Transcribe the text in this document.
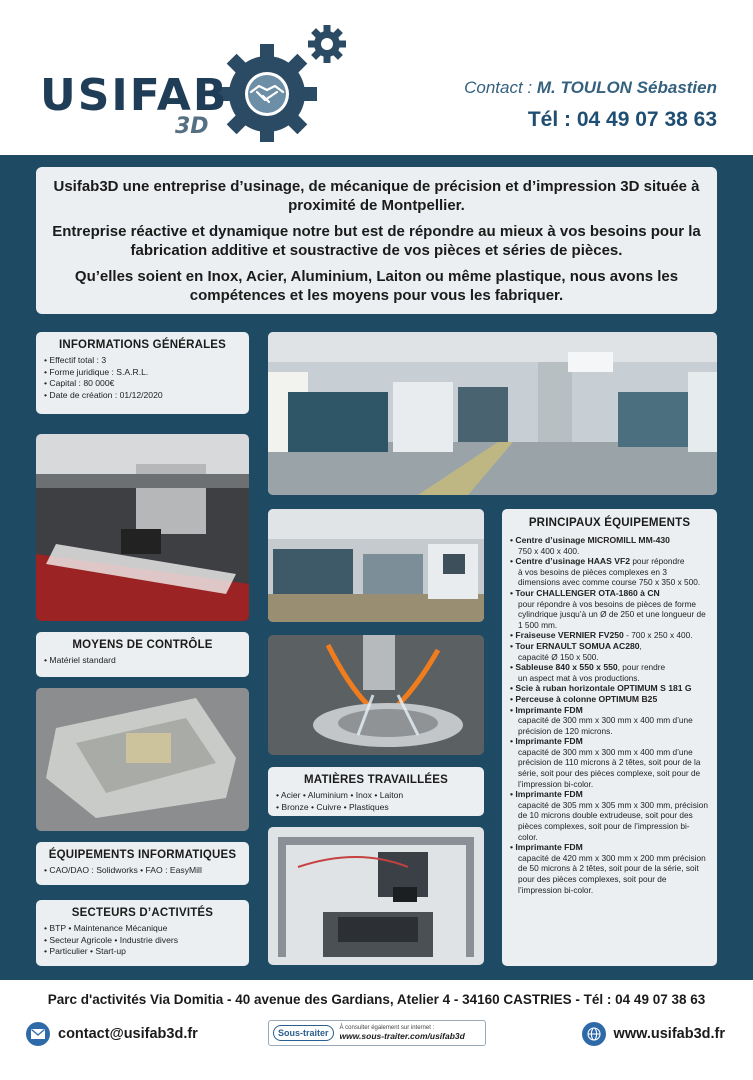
USIFAB
3D
Contact : M. TOULON Sébastien
Tél : 04 49 07 38 63

Usifab3D une entreprise d’usinage, de mécanique de précision et d’impression 3D située à proximité de Montpellier.

Entreprise réactive et dynamique notre but est de répondre au mieux à vos besoins pour la fabrication additive et soustractive de vos pièces et séries de pièces.

Qu’elles soient en Inox, Acier, Aluminium, Laiton ou même plastique, nous avons les compétences et les moyens pour vous les fabriquer.

INFORMATIONS GÉNÉRALES
• Effectif total : 3
• Forme juridique : S.A.R.L.
• Capital : 80 000€
• Date de création : 01/12/2020
MOYENS DE CONTRÔLE
• Matériel standard
ÉQUIPEMENTS INFORMATIQUES
• CAO/DAO : Solidworks • FAO : EasyMill
SECTEURS D’ACTIVITÉS
• BTP • Maintenance Mécanique
• Secteur Agricole • Industrie divers
• Particulier • Start-up
MATIÈRES TRAVAILLÉES
• Acier • Aluminium • Inox • Laiton
• Bronze • Cuivre • Plastiques
PRINCIPAUX ÉQUIPEMENTS
• Centre d’usinage MICROMILL MM-430
750 x 400 x 400.
• Centre d’usinage HAAS VF2 pour répondre
à vos besoins de pièces complexes en 3 dimensions avec comme course 750 x 350 x 500.
• Tour CHALLENGER OTA-1860 à CN
pour répondre à vos besoins de pièces de forme cylindrique jusqu’à un Ø de 250 et une longueur de 1 500 mm.
• Fraiseuse VERNIER FV250 - 700 x 250 x 400.
• Tour ERNAULT SOMUA AC280,
capacité Ø 150 x 500.
• Sableuse 840 x 550 x 550, pour rendre
un aspect mat à vos productions.
• Scie à ruban horizontale OPTIMUM S 181 G
• Perceuse à colonne OPTIMUM B25
• Imprimante FDM
capacité de 300 mm x 300 mm x 400 mm d’une précision de 120 microns.
• Imprimante FDM
capacité de 300 mm x 300 mm x 400 mm d’une précision de 110 microns à 2 têtes, soit pour de la série, soit pour des pièces complexe, soit pour de l’impression bi-color.
• Imprimante FDM
capacité de 305 mm x 305 mm x 300 mm, précision de 10 microns double extrudeuse, soit pour des pièces complexes, soit pour de l’impression bi-color.
• Imprimante FDM
capacité de 420 mm x 300 mm x 200 mm précision de 50 microns à 2 têtes, soit pour de la série, soit pour des pièces complexes, soit pour de l’impression bi-color.
Parc d'activités Via Domitia - 40 avenue des Gardians, Atelier 4 - 34160 CASTRIES - Tél : 04 49 07 38 63
contact@usifab3d.fr	Sous-traiter	À consulter également sur internet :
www.sous-traiter.com/usifab3d	www.usifab3d.fr
